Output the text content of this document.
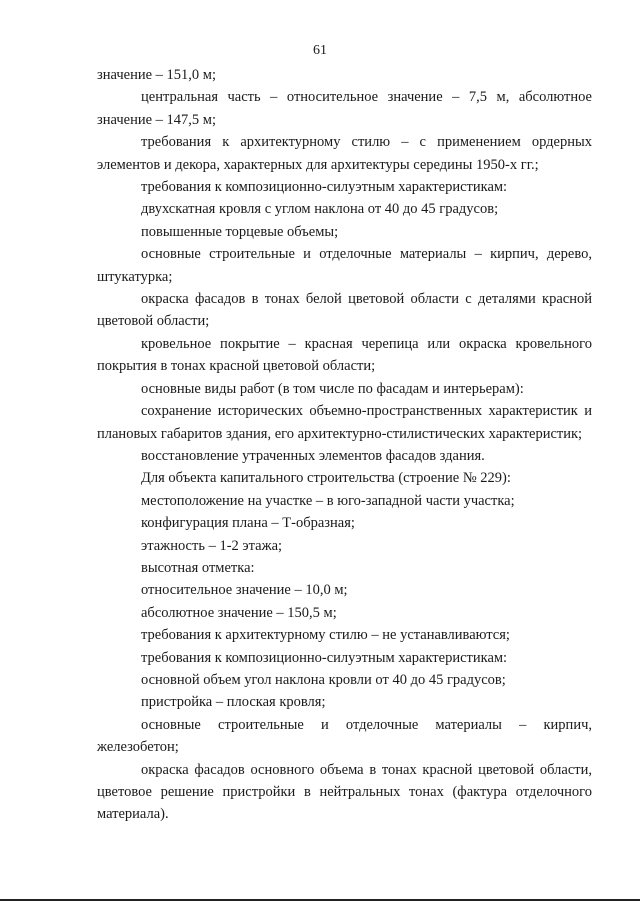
61

значение – 151,0 м;

центральная часть – относительное значение – 7,5 м, абсолютное значение – 147,5 м;

требования к архитектурному стилю – с применением ордерных элементов и декора, характерных для архитектуры середины 1950-х гг.;

требования к композиционно-силуэтным характеристикам:

двухскатная кровля с углом наклона от 40 до 45 градусов;

повышенные торцевые объемы;

основные строительные и отделочные материалы – кирпич, дерево, штукатурка;

окраска фасадов в тонах белой цветовой области с деталями красной цветовой области;

кровельное покрытие – красная черепица или окраска кровельного покрытия в тонах красной цветовой области;

основные виды работ (в том числе по фасадам и интерьерам):

сохранение исторических объемно-пространственных характеристик и плановых габаритов здания, его архитектурно-стилистических характеристик;

восстановление утраченных элементов фасадов здания.

Для объекта капитального строительства (строение № 229):

местоположение на участке – в юго-западной части участка;

конфигурация плана – Т-образная;

этажность – 1-2 этажа;

высотная отметка:

относительное значение – 10,0 м;

абсолютное значение – 150,5 м;

требования к архитектурному стилю – не устанавливаются;

требования к композиционно-силуэтным характеристикам:

основной объем угол наклона кровли от 40 до 45 градусов;

пристройка – плоская кровля;

основные строительные и отделочные материалы – кирпич, железобетон;

окраска фасадов основного объема в тонах красной цветовой области, цветовое решение пристройки в нейтральных тонах (фактура отделочного материала).
